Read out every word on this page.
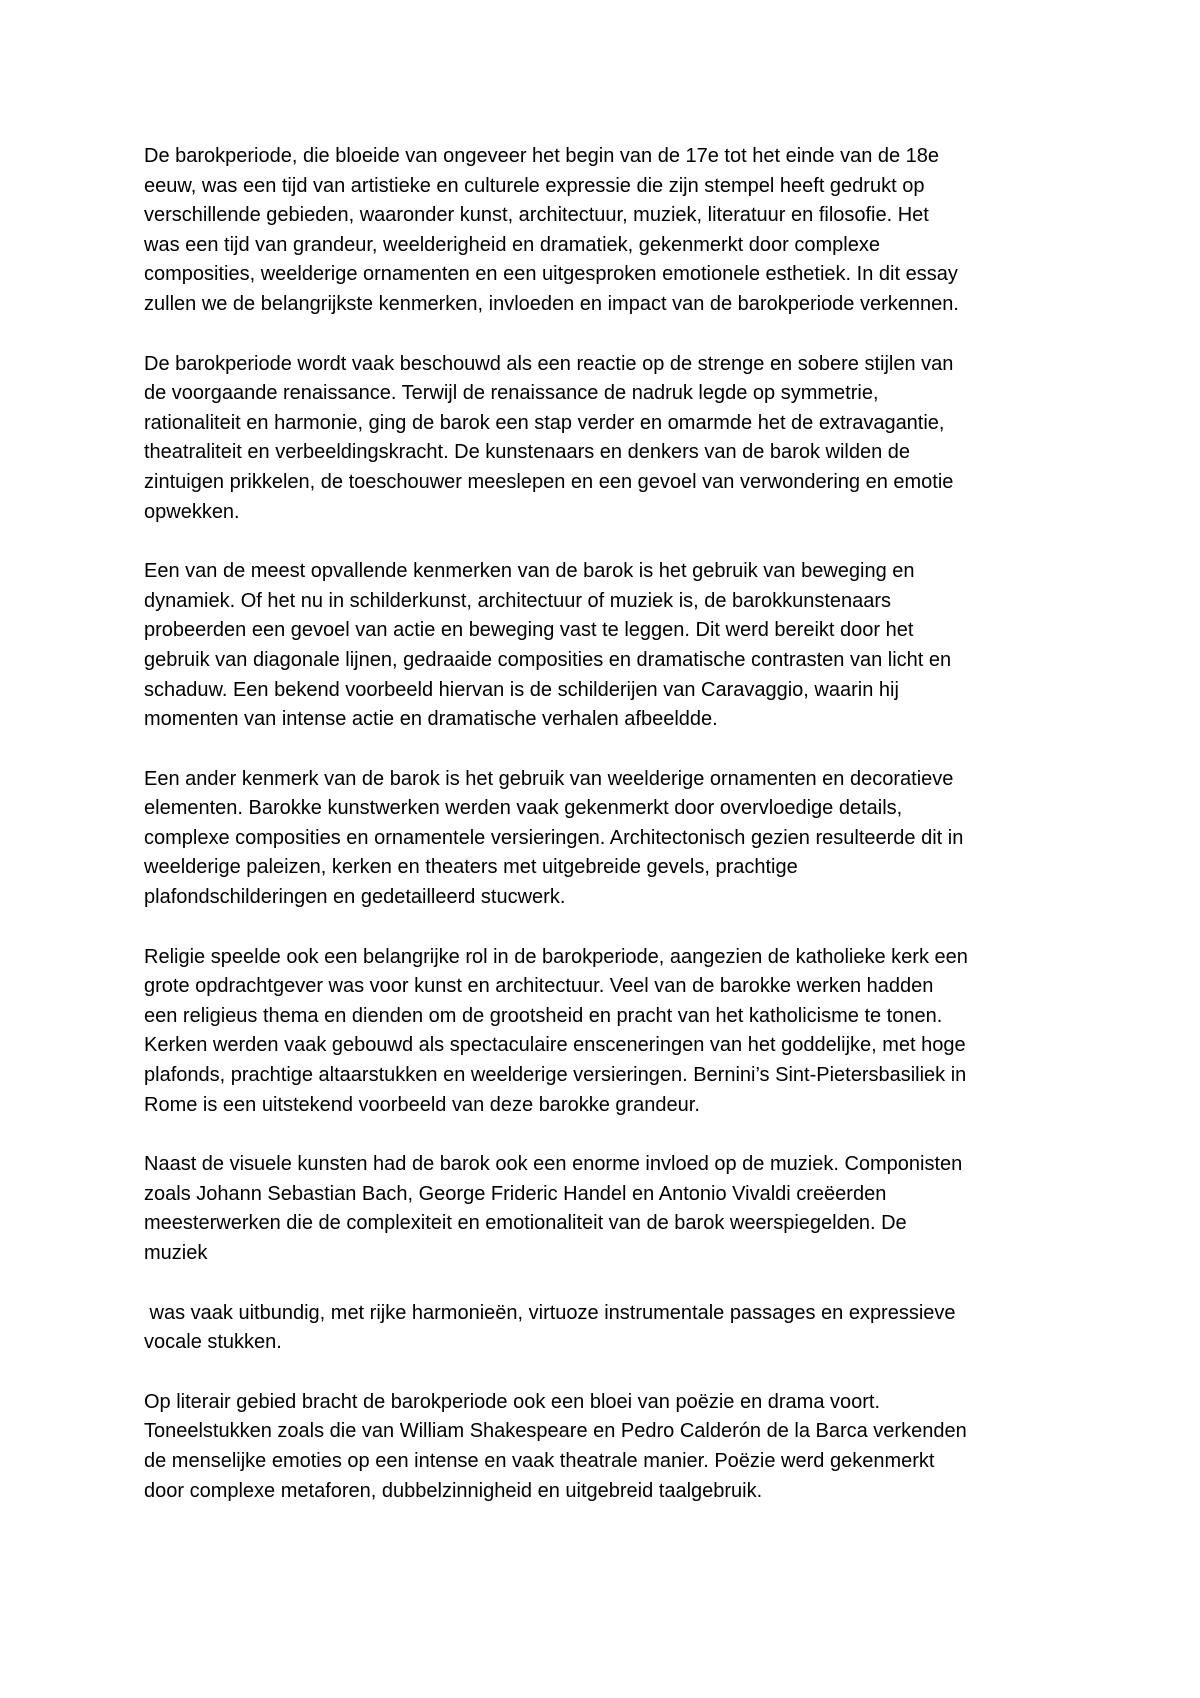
De barokperiode, die bloeide van ongeveer het begin van de 17e tot het einde van de 18e
eeuw, was een tijd van artistieke en culturele expressie die zijn stempel heeft gedrukt op
verschillende gebieden, waaronder kunst, architectuur, muziek, literatuur en filosofie. Het
was een tijd van grandeur, weelderigheid en dramatiek, gekenmerkt door complexe
composities, weelderige ornamenten en een uitgesproken emotionele esthetiek. In dit essay
zullen we de belangrijkste kenmerken, invloeden en impact van de barokperiode verkennen.

De barokperiode wordt vaak beschouwd als een reactie op de strenge en sobere stijlen van
de voorgaande renaissance. Terwijl de renaissance de nadruk legde op symmetrie,
rationaliteit en harmonie, ging de barok een stap verder en omarmde het de extravagantie,
theatraliteit en verbeeldingskracht. De kunstenaars en denkers van de barok wilden de
zintuigen prikkelen, de toeschouwer meeslepen en een gevoel van verwondering en emotie
opwekken.

Een van de meest opvallende kenmerken van de barok is het gebruik van beweging en
dynamiek. Of het nu in schilderkunst, architectuur of muziek is, de barokkunstenaars
probeerden een gevoel van actie en beweging vast te leggen. Dit werd bereikt door het
gebruik van diagonale lijnen, gedraaide composities en dramatische contrasten van licht en
schaduw. Een bekend voorbeeld hiervan is de schilderijen van Caravaggio, waarin hij
momenten van intense actie en dramatische verhalen afbeeldde.

Een ander kenmerk van de barok is het gebruik van weelderige ornamenten en decoratieve
elementen. Barokke kunstwerken werden vaak gekenmerkt door overvloedige details,
complexe composities en ornamentele versieringen. Architectonisch gezien resulteerde dit in
weelderige paleizen, kerken en theaters met uitgebreide gevels, prachtige
plafondschilderingen en gedetailleerd stucwerk.

Religie speelde ook een belangrijke rol in de barokperiode, aangezien de katholieke kerk een
grote opdrachtgever was voor kunst en architectuur. Veel van de barokke werken hadden
een religieus thema en dienden om de grootsheid en pracht van het katholicisme te tonen.
Kerken werden vaak gebouwd als spectaculaire ensceneringen van het goddelijke, met hoge
plafonds, prachtige altaarstukken en weelderige versieringen. Bernini’s Sint-Pietersbasiliek in
Rome is een uitstekend voorbeeld van deze barokke grandeur.

Naast de visuele kunsten had de barok ook een enorme invloed op de muziek. Componisten
zoals Johann Sebastian Bach, George Frideric Handel en Antonio Vivaldi creëerden
meesterwerken die de complexiteit en emotionaliteit van de barok weerspiegelden. De
muziek

was vaak uitbundig, met rijke harmonieën, virtuoze instrumentale passages en expressieve
vocale stukken.

Op literair gebied bracht de barokperiode ook een bloei van poëzie en drama voort.
Toneelstukken zoals die van William Shakespeare en Pedro Calderón de la Barca verkenden
de menselijke emoties op een intense en vaak theatrale manier. Poëzie werd gekenmerkt
door complexe metaforen, dubbelzinnigheid en uitgebreid taalgebruik.
